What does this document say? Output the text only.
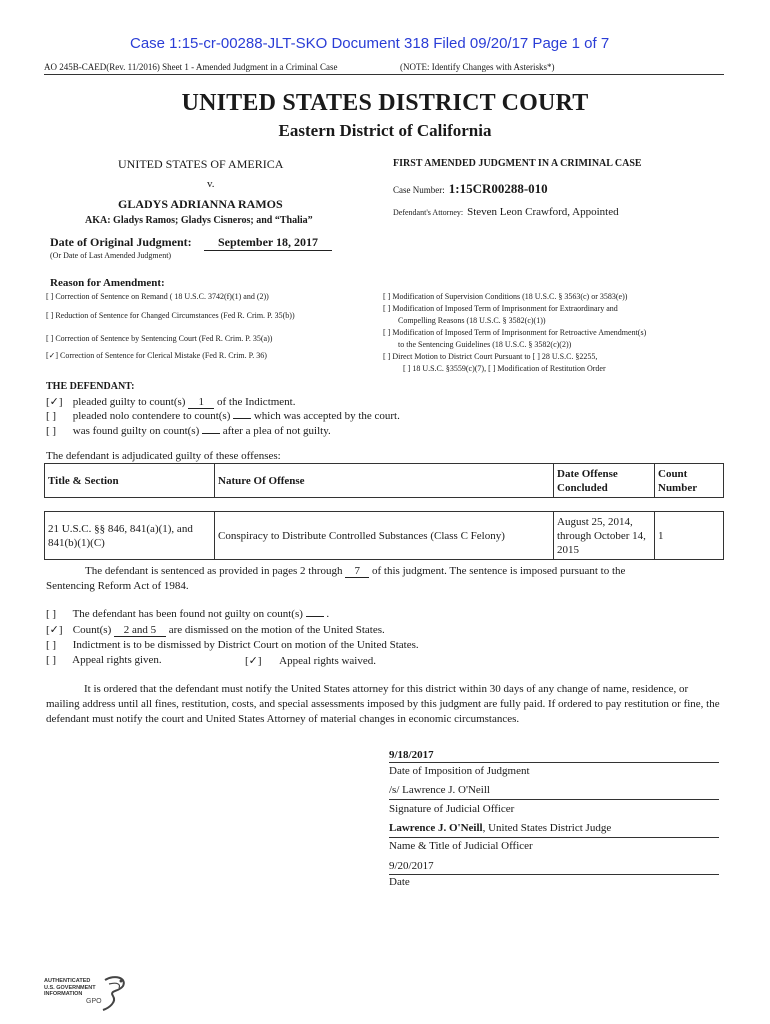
Case 1:15-cr-00288-JLT-SKO Document 318 Filed 09/20/17 Page 1 of 7
AO 245B-CAED(Rev. 11/2016) Sheet 1 - Amended Judgment in a Criminal Case	(NOTE: Identify Changes with Asterisks*)
UNITED STATES DISTRICT COURT
Eastern District of California
UNITED STATES OF AMERICA
v.
GLADYS ADRIANNA RAMOS
AKA: Gladys Ramos; Gladys Cisneros; and “Thalia”
FIRST AMENDED JUDGMENT IN A CRIMINAL CASE
Case Number: 1:15CR00288-010
Defendant's Attorney: Steven Leon Crawford, Appointed
Date of Original Judgment:	September 18, 2017
(Or Date of Last Amended Judgment)
Reason for Amendment:
[ ] Correction of Sentence on Remand ( 18 U.S.C. 3742(f)(1) and (2))
[ ] Reduction of Sentence for Changed Circumstances (Fed R. Crim. P. 35(b))
[ ] Correction of Sentence by Sentencing Court (Fed R. Crim. P. 35(a))
[✓] Correction of Sentence for Clerical Mistake (Fed R. Crim. P. 36)
[ ] Modification of Supervision Conditions (18 U.S.C. § 3563(c) or 3583(e))
[ ] Modification of Imposed Term of Imprisonment for Extraordinary and
Compelling Reasons (18 U.S.C. § 3582(c)(1))
[ ] Modification of Imposed Term of Imprisonment for Retroactive Amendment(s)
to the Sentencing Guidelines (18 U.S.C. § 3582(c)(2))
[ ] Direct Motion to District Court Pursuant to [ ] 28 U.S.C. §2255,
[ ] 18 U.S.C. §3559(c)(7), [ ] Modification of Restitution Order
THE DEFENDANT:
[✓] pleaded guilty to count(s) 1 of the Indictment.
[ ] pleaded nolo contendere to count(s) which was accepted by the court.
[ ] was found guilty on count(s) after a plea of not guilty.
The defendant is adjudicated guilty of these offenses:
Title & Section	Nature Of Offense	Date Offense Concluded	Count Number

21 U.S.C. §§ 846, 841(a)(1), and 841(b)(1)(C)	Conspiracy to Distribute Controlled Substances (Class C Felony)	August 25, 2014, through October 14, 2015	1
The defendant is sentenced as provided in pages 2 through 7 of this judgment. The sentence is imposed pursuant to the
Sentencing Reform Act of 1984.
[ ] The defendant has been found not guilty on count(s) .
[✓] Count(s) 2 and 5 are dismissed on the motion of the United States.
[ ] Indictment is to be dismissed by District Court on motion of the United States.
[ ] Appeal rights given.	[✓] Appeal rights waived.
It is ordered that the defendant must notify the United States attorney for this district within 30 days of any change of name, residence, or mailing address until all fines, restitution, costs, and special assessments imposed by this judgment are fully paid. If ordered to pay restitution or fine, the defendant must notify the court and United States Attorney of material changes in economic circumstances.
9/18/2017
Date of Imposition of Judgment
/s/ Lawrence J. O'Neill
Signature of Judicial Officer
Lawrence J. O'Neill, United States District Judge
Name & Title of Judicial Officer
9/20/2017
Date
AUTHENTICATED
U.S. GOVERNMENT
INFORMATION
GPO
